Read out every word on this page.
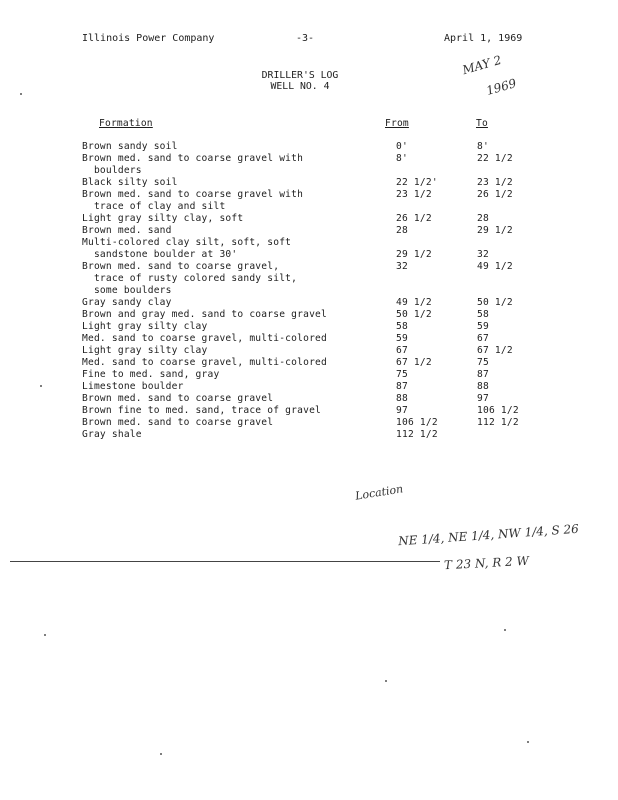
Illinois Power Company	-3-	April 1, 1969
MAY 2
1969
DRILLER'S LOG
WELL NO. 4
Formation	From	To
Brown sandy soil	0'	8'
Brown med. sand to coarse gravel with	8'	22 1/2
boulders
Black silty soil	22 1/2'	23 1/2
Brown med. sand to coarse gravel with	23 1/2	26 1/2
trace of clay and silt
Light gray silty clay, soft	26 1/2	28
Brown med. sand	28	29 1/2
Multi-colored clay silt, soft, soft
sandstone boulder at 30'	29 1/2	32
Brown med. sand to coarse gravel,	32	49 1/2
trace of rusty colored sandy silt,
some boulders
Gray sandy clay	49 1/2	50 1/2
Brown and gray med. sand to coarse gravel	50 1/2	58
Light gray silty clay	58	59
Med. sand to coarse gravel, multi-colored	59	67
Light gray silty clay	67	67 1/2
Med. sand to coarse gravel, multi-colored	67 1/2	75
Fine to med. sand, gray	75	87
Limestone boulder	87	88
Brown med. sand to coarse gravel	88	97
Brown fine to med. sand, trace of gravel	97	106 1/2
Brown med. sand to coarse gravel	106 1/2	112 1/2
Gray shale	112 1/2
Location
NE 1/4, NE 1/4, NW 1/4, S 26
T 23 N, R 2 W
